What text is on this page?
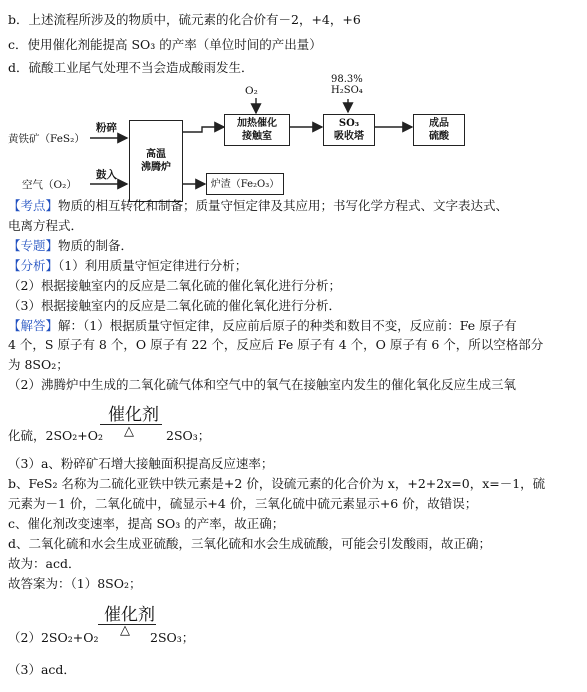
b．上述流程所涉及的物质中，硫元素的化合价有－2，+4，+6
c．使用催化剂能提高 SO₃ 的产率（单位时间的产出量）
d．硫酸工业尾气处理不当会造成酸雨发生．
黄铁矿（FeS₂）
粉碎
空气（O₂）
鼓入
高温
沸腾炉
O₂
加热催化
接触室
98.3%
H₂SO₄
SO₃
吸收塔
成品
硫酸
炉渣（Fe₂O₃）
【考点】物质的相互转化和制备；质量守恒定律及其应用；书写化学方程式、文字表达式、
电离方程式．
【专题】物质的制备．
【分析】（1）利用质量守恒定律进行分析；
（2）根据接触室内的反应是二氧化硫的催化氧化进行分析；
（3）根据接触室内的反应是二氧化硫的催化氧化进行分析．
【解答】解：（1）根据质量守恒定律，反应前后原子的种类和数目不变，反应前：Fe 原子有
4 个，S 原子有 8 个，O 原子有 22 个，反应后 Fe 原子有 4 个，O 原子有 6 个，所以空格部分
为 8SO₂；
（2）沸腾炉中生成的二氧化硫气体和空气中的氧气在接触室内发生的催化氧化反应生成三氧
催化剂
△
化硫，2SO₂+O₂	2SO₃；
（3）a、粉碎矿石增大接触面积提高反应速率；
b、FeS₂ 名称为二硫化亚铁中铁元素是+2 价，设硫元素的化合价为 x，+2+2x=0，x=－1，硫
元素为－1 价，二氧化硫中，硫显示+4 价，三氧化硫中硫元素显示+6 价，故错误；
c、催化剂改变速率，提高 SO₃ 的产率，故正确；
d、二氧化硫和水会生成亚硫酸，三氧化硫和水会生成硫酸，可能会引发酸雨，故正确；
故为：acd．
故答案为：（1）8SO₂；
催化剂
△
（2）2SO₂+O₂	2SO₃；
（3）acd．
